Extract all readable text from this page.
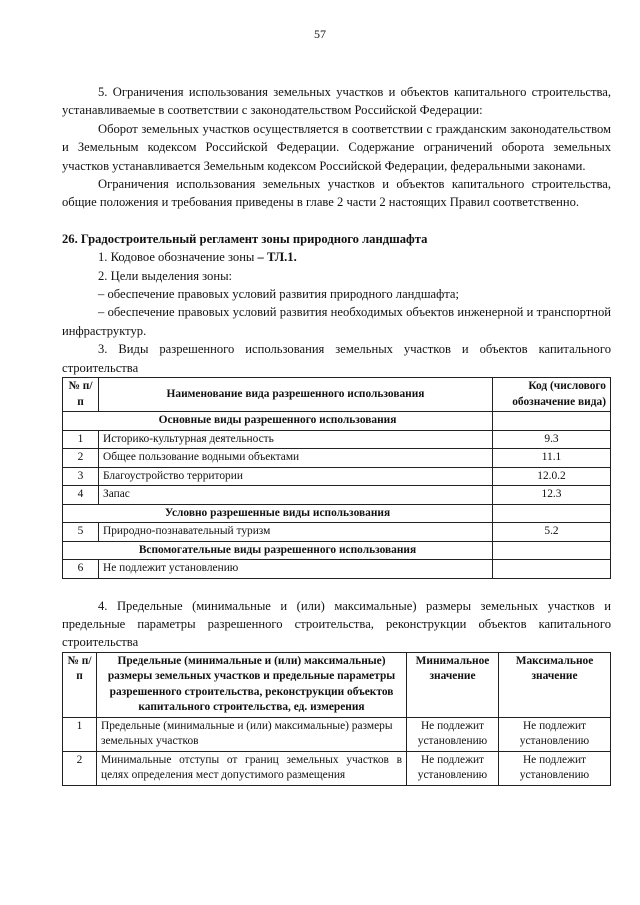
57

5. Ограничения использования земельных участков и объектов капитального строительства, устанавливаемые в соответствии с законодательством Российской Федерации:

Оборот земельных участков осуществляется в соответствии с гражданским законодательством и Земельным кодексом Российской Федерации. Содержание ограничений оборота земельных участков устанавливается Земельным кодексом Российской Федерации, федеральными законами.

Ограничения использования земельных участков и объектов капитального строительства, общие положения и требования приведены в главе 2 части 2 настоящих Правил соответственно.

26. Градостроительный регламент зоны природного ландшафта

1. Кодовое обозначение зоны – ТЛ.1.

2. Цели выделения зоны:

– обеспечение правовых условий развития природного ландшафта;

– обеспечение правовых условий развития необходимых объектов инженерной и транспортной инфраструктур.

3. Виды разрешенного использования земельных участков и объектов капитального строительства

№ п/п	Наименование вида разрешенного использования	Код (числового обозначение вида)
Основные виды разрешенного использования		
1	Историко-культурная деятельность	9.3
2	Общее пользование водными объектами	11.1
3	Благоустройство территории	12.0.2
4	Запас	12.3
Условно разрешенные виды использования		
5	Природно-познавательный туризм	5.2
Вспомогательные виды разрешенного использования		
6	Не подлежит установлению	

4. Предельные (минимальные и (или) максимальные) размеры земельных участков и предельные параметры разрешенного строительства, реконструкции объектов капитального строительства

№ п/п	Предельные (минимальные и (или) максимальные) размеры земельных участков и предельные параметры разрешенного строительства, реконструкции объектов капитального строительства, ед. измерения	Минимальное значение	Максимальное значение
1	Предельные (минимальные и (или) максимальные) размеры земельных участков	Не подлежит установлению	Не подлежит установлению
2	Минимальные отступы от границ земельных участков в целях определения мест допустимого размещения	Не подлежит установлению	Не подлежит установлению
